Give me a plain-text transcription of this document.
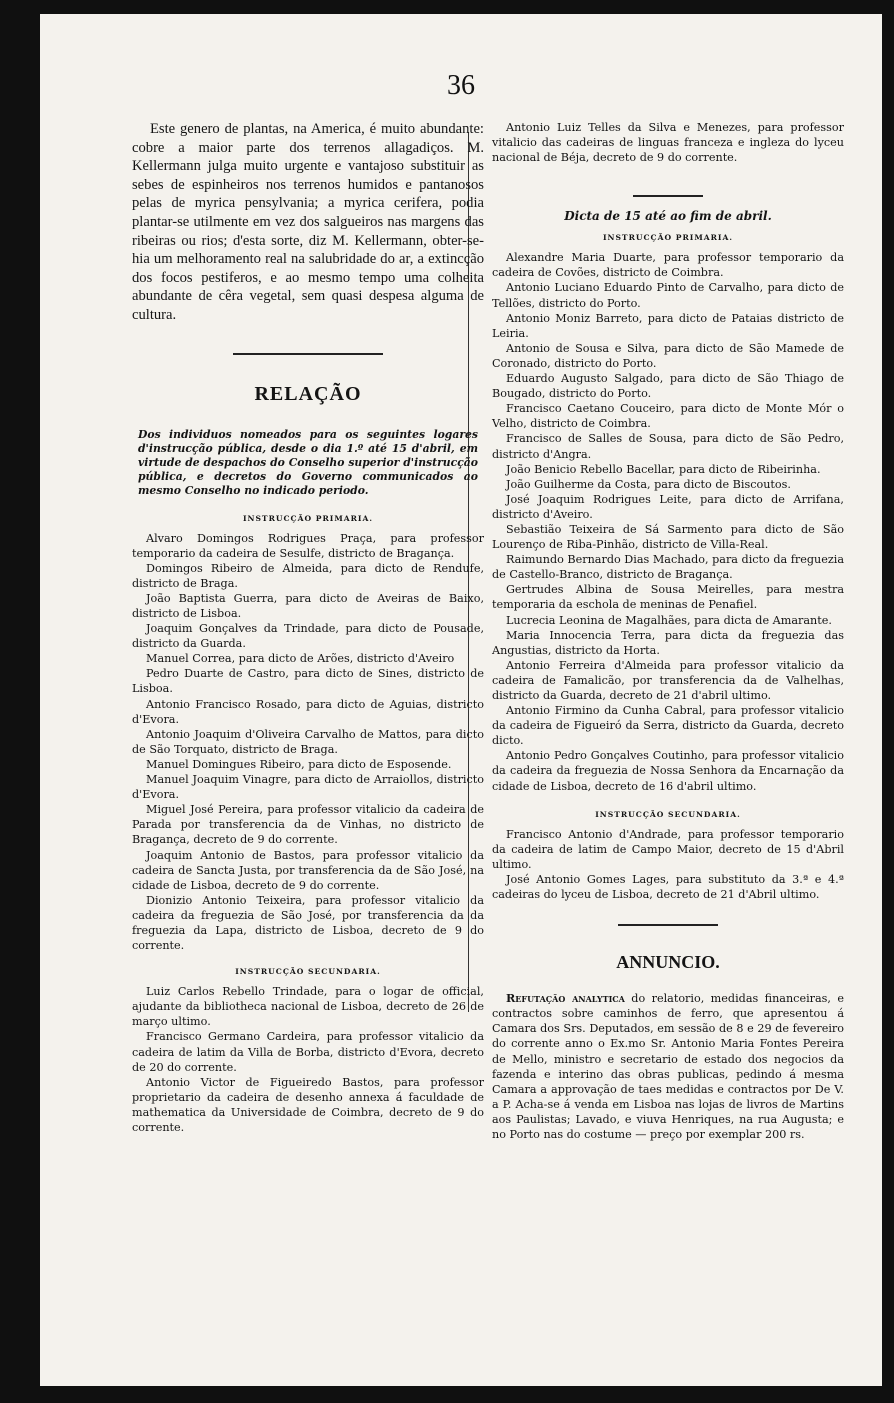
36

Este genero de plantas, na America, é muito abundante: cobre a maior parte dos terrenos allagadiços. M. Kellermann julga muito urgente e vantajoso substituir as sebes de espinheiros nos terrenos humidos e pantanosos pelas de myrica pensylvania; a myrica cerifera, podia plantar-se utilmente em vez dos salgueiros nas margens das ribeiras ou rios; d'esta sorte, diz M. Kellermann, obter-se-hia um melhoramento real na salubridade do ar, a extincção dos focos pestiferos, e ao mesmo tempo uma colheita abundante de cêra vegetal, sem quasi despesa alguma de cultura.

RELAÇÃO
Dos individuos nomeados para os seguintes logares d'instrucção pública, desde o dia 1.º até 15 d'abril, em virtude de despachos do Conselho superior d'instrucção pública, e decretos do Governo communicados ao mesmo Conselho no indicado periodo.
INSTRUCÇÃO PRIMARIA.

Alvaro Domingos Rodrigues Praça, para professor temporario da cadeira de Sesulfe, districto de Bragança.

Domingos Ribeiro de Almeida, para dicto de Rendufe, districto de Braga.

João Baptista Guerra, para dicto de Aveiras de Baixo, districto de Lisboa.

Joaquim Gonçalves da Trindade, para dicto de Pousade, districto da Guarda.

Manuel Correa, para dicto de Arões, districto d'Aveiro

Pedro Duarte de Castro, para dicto de Sines, districto de Lisboa.

Antonio Francisco Rosado, para dicto de Aguias, districto d'Evora.

Antonio Joaquim d'Oliveira Carvalho de Mattos, para dicto de São Torquato, districto de Braga.

Manuel Domingues Ribeiro, para dicto de Esposende.

Manuel Joaquim Vinagre, para dicto de Arraiollos, districto d'Evora.

Miguel José Pereira, para professor vitalicio da cadeira de Parada por transferencia da de Vinhas, no districto de Bragança, decreto de 9 do corrente.

Joaquim Antonio de Bastos, para professor vitalicio da cadeira de Sancta Justa, por transferencia da de São José, na cidade de Lisboa, decreto de 9 do corrente.

Dionizio Antonio Teixeira, para professor vitalicio da cadeira da freguezia de São José, por transferencia da da freguezia da Lapa, districto de Lisboa, decreto de 9 do corrente.

INSTRUCÇÃO SECUNDARIA.

Luiz Carlos Rebello Trindade, para o logar de official, ajudante da bibliotheca nacional de Lisboa, decreto de 26 de março ultimo.

Francisco Germano Cardeira, para professor vitalicio da cadeira de latim da Villa de Borba, districto d'Evora, decreto de 20 do corrente.

Antonio Victor de Figueiredo Bastos, para professor proprietario da cadeira de desenho annexa á faculdade de mathematica da Universidade de Coimbra, decreto de 9 do corrente.

Antonio Luiz Telles da Silva e Menezes, para professor vitalicio das cadeiras de linguas franceza e ingleza do lyceu nacional de Béja, decreto de 9 do corrente.

Dicta de 15 até ao fim de abril.
INSTRUCÇÃO PRIMARIA.

Alexandre Maria Duarte, para professor temporario da cadeira de Covões, districto de Coimbra.

Antonio Luciano Eduardo Pinto de Carvalho, para dicto de Tellões, districto do Porto.

Antonio Moniz Barreto, para dicto de Pataias districto de Leiria.

Antonio de Sousa e Silva, para dicto de São Mamede de Coronado, districto do Porto.

Eduardo Augusto Salgado, para dicto de São Thiago de Bougado, districto do Porto.

Francisco Caetano Couceiro, para dicto de Monte Mór o Velho, districto de Coimbra.

Francisco de Salles de Sousa, para dicto de São Pedro, districto d'Angra.

João Benicio Rebello Bacellar, para dicto de Ribeirinha.

João Guilherme da Costa, para dicto de Biscoutos.

José Joaquim Rodrigues Leite, para dicto de Arrifana, districto d'Aveiro.

Sebastião Teixeira de Sá Sarmento para dicto de São Lourenço de Riba-Pinhão, districto de Villa-Real.

Raimundo Bernardo Dias Machado, para dicto da freguezia de Castello-Branco, districto de Bragança.

Gertrudes Albina de Sousa Meirelles, para mestra temporaria da eschola de meninas de Penafiel.

Lucrecia Leonina de Magalhães, para dicta de Amarante.

Maria Innocencia Terra, para dicta da freguezia das Angustias, districto da Horta.

Antonio Ferreira d'Almeida para professor vitalicio da cadeira de Famalicão, por transferencia da de Valhelhas, districto da Guarda, decreto de 21 d'abril ultimo.

Antonio Firmino da Cunha Cabral, para professor vitalicio da cadeira de Figueiró da Serra, districto da Guarda, decreto dicto.

Antonio Pedro Gonçalves Coutinho, para professor vitalicio da cadeira da freguezia de Nossa Senhora da Encarnação da cidade de Lisboa, decreto de 16 d'abril ultimo.

INSTRUCÇÃO SECUNDARIA.

Francisco Antonio d'Andrade, para professor temporario da cadeira de latim de Campo Maior, decreto de 15 d'Abril ultimo.

José Antonio Gomes Lages, para substituto da 3.ª e 4.ª cadeiras do lyceu de Lisboa, decreto de 21 d'Abril ultimo.

ANNUNCIO.

Refutação analytica do relatorio, medidas financeiras, e contractos sobre caminhos de ferro, que apresentou á Camara dos Srs. Deputados, em sessão de 8 e 29 de fevereiro do corrente anno o Ex.mo Sr. Antonio Maria Fontes Pereira de Mello, ministro e secretario de estado dos negocios da fazenda e interino das obras publicas, pedindo á mesma Camara a approvação de taes medidas e contractos por De V. a P. Acha-se á venda em Lisboa nas lojas de livros de Martins aos Paulistas; Lavado, e viuva Henriques, na rua Augusta; e no Porto nas do costume — preço por exemplar 200 rs.
